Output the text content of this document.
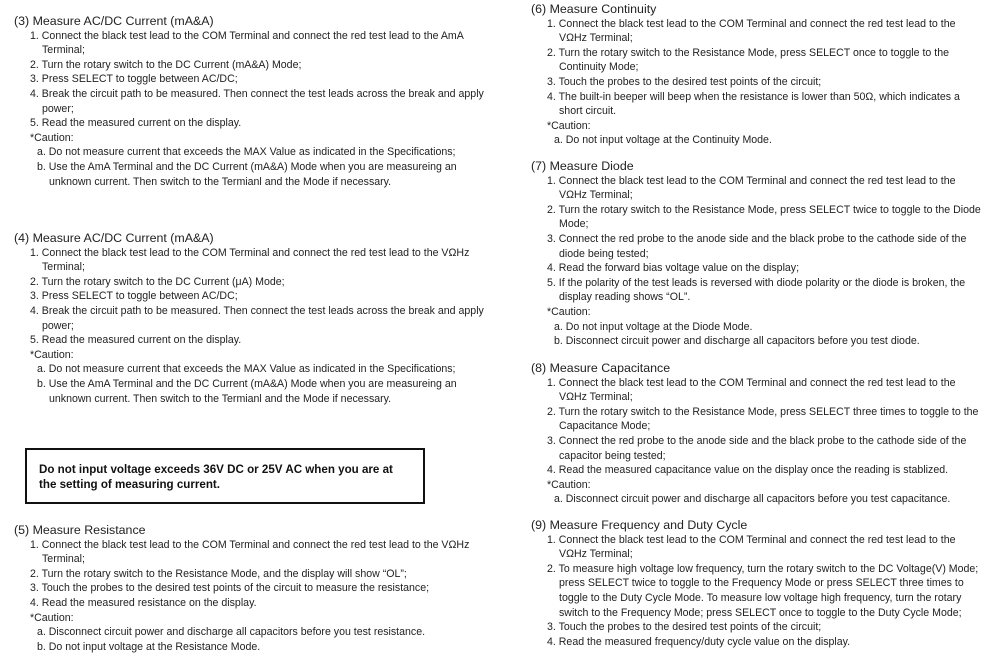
(3) Measure AC/DC Current (mA&A)
1. Connect the black test lead to the COM Terminal and connect the red test lead to the AmA Terminal;
2. Turn the rotary switch to the DC Current (mA&A) Mode;
3. Press SELECT to toggle between AC/DC;
4. Break the circuit path to be measured. Then connect the test leads across the break and apply power;
5. Read the measured current on the display.
*Caution:
a. Do not measure current that exceeds the MAX Value as indicated in the Specifications;
b. Use the AmA Terminal and the DC Current (mA&A) Mode when you are measureing an unknown current. Then switch to the Termianl and the Mode if necessary.
(4) Measure AC/DC Current (mA&A)
1. Connect the black test lead to the COM Terminal and connect the red test lead to the VΩHz Terminal;
2. Turn the rotary switch to the DC Current (μA) Mode;
3. Press SELECT to toggle between AC/DC;
4. Break the circuit path to be measured. Then connect the test leads across the break and apply power;
5. Read the measured current on the display.
*Caution:
a. Do not measure current that exceeds the MAX Value as indicated in the Specifications;
b. Use the AmA Terminal and the DC Current (mA&A) Mode when you are measureing an unknown current. Then switch to the Termianl and the Mode if necessary.
(5) Measure Resistance
1. Connect the black test lead to the COM Terminal and connect the red test lead to the VΩHz Terminal;
2. Turn the rotary switch to the Resistance Mode, and the display will show “OL”;
3. Touch the probes to the desired test points of the circuit to measure the resistance;
4. Read the measured resistance on the display.
*Caution:
a. Disconnect circuit power and discharge all capacitors before you test resistance.
b. Do not input voltage at the Resistance Mode.
Do not input voltage exceeds 36V DC or 25V AC when you are at the setting of measuring current.
(6) Measure Continuity
1. Connect the black test lead to the COM Terminal and connect the red test lead to the VΩHz Terminal;
2. Turn the rotary switch to the Resistance Mode, press SELECT once to toggle to the Continuity Mode;
3. Touch the probes to the desired test points of the circuit;
4. The built-in beeper will beep when the resistance is lower than 50Ω, which indicates a short circuit.
*Caution:
a. Do not input voltage at the Continuity Mode.
(7) Measure Diode
1. Connect the black test lead to the COM Terminal and connect the red test lead to the VΩHz Terminal;
2. Turn the rotary switch to the Resistance Mode, press SELECT twice to toggle to the Diode Mode;
3. Connect the red probe to the anode side and the black probe to the cathode side of the diode being tested;
4. Read the forward bias voltage value on the display;
5. If the polarity of the test leads is reversed with diode polarity or the diode is broken, the display reading shows “OL”.
*Caution:
a. Do not input voltage at the Diode Mode.
b. Disconnect circuit power and discharge all capacitors before you test diode.
(8) Measure Capacitance
1. Connect the black test lead to the COM Terminal and connect the red test lead to the VΩHz Terminal;
2. Turn the rotary switch to the Resistance Mode, press SELECT three times to toggle to the Capacitance Mode;
3. Connect the red probe to the anode side and the black probe to the cathode side of the capacitor being tested;
4. Read the measured capacitance value on the display once the reading is stablized.
*Caution:
a. Disconnect circuit power and discharge all capacitors before you test capacitance.
(9) Measure Frequency and Duty Cycle
1. Connect the black test lead to the COM Terminal and connect the red test lead to the VΩHz Terminal;
2. To measure high voltage low frequency, turn the rotary switch to the DC Voltage(V) Mode; press SELECT twice to toggle to the Frequency Mode or press SELECT three times to toggle to the Duty Cycle Mode. To measure low voltage high frequency, turn the rotary switch to the Frequency Mode; press SELECT once to toggle to the Duty Cycle Mode;
3. Touch the probes to the desired test points of the circuit;
4. Read the measured frequency/duty cycle value on the display.
